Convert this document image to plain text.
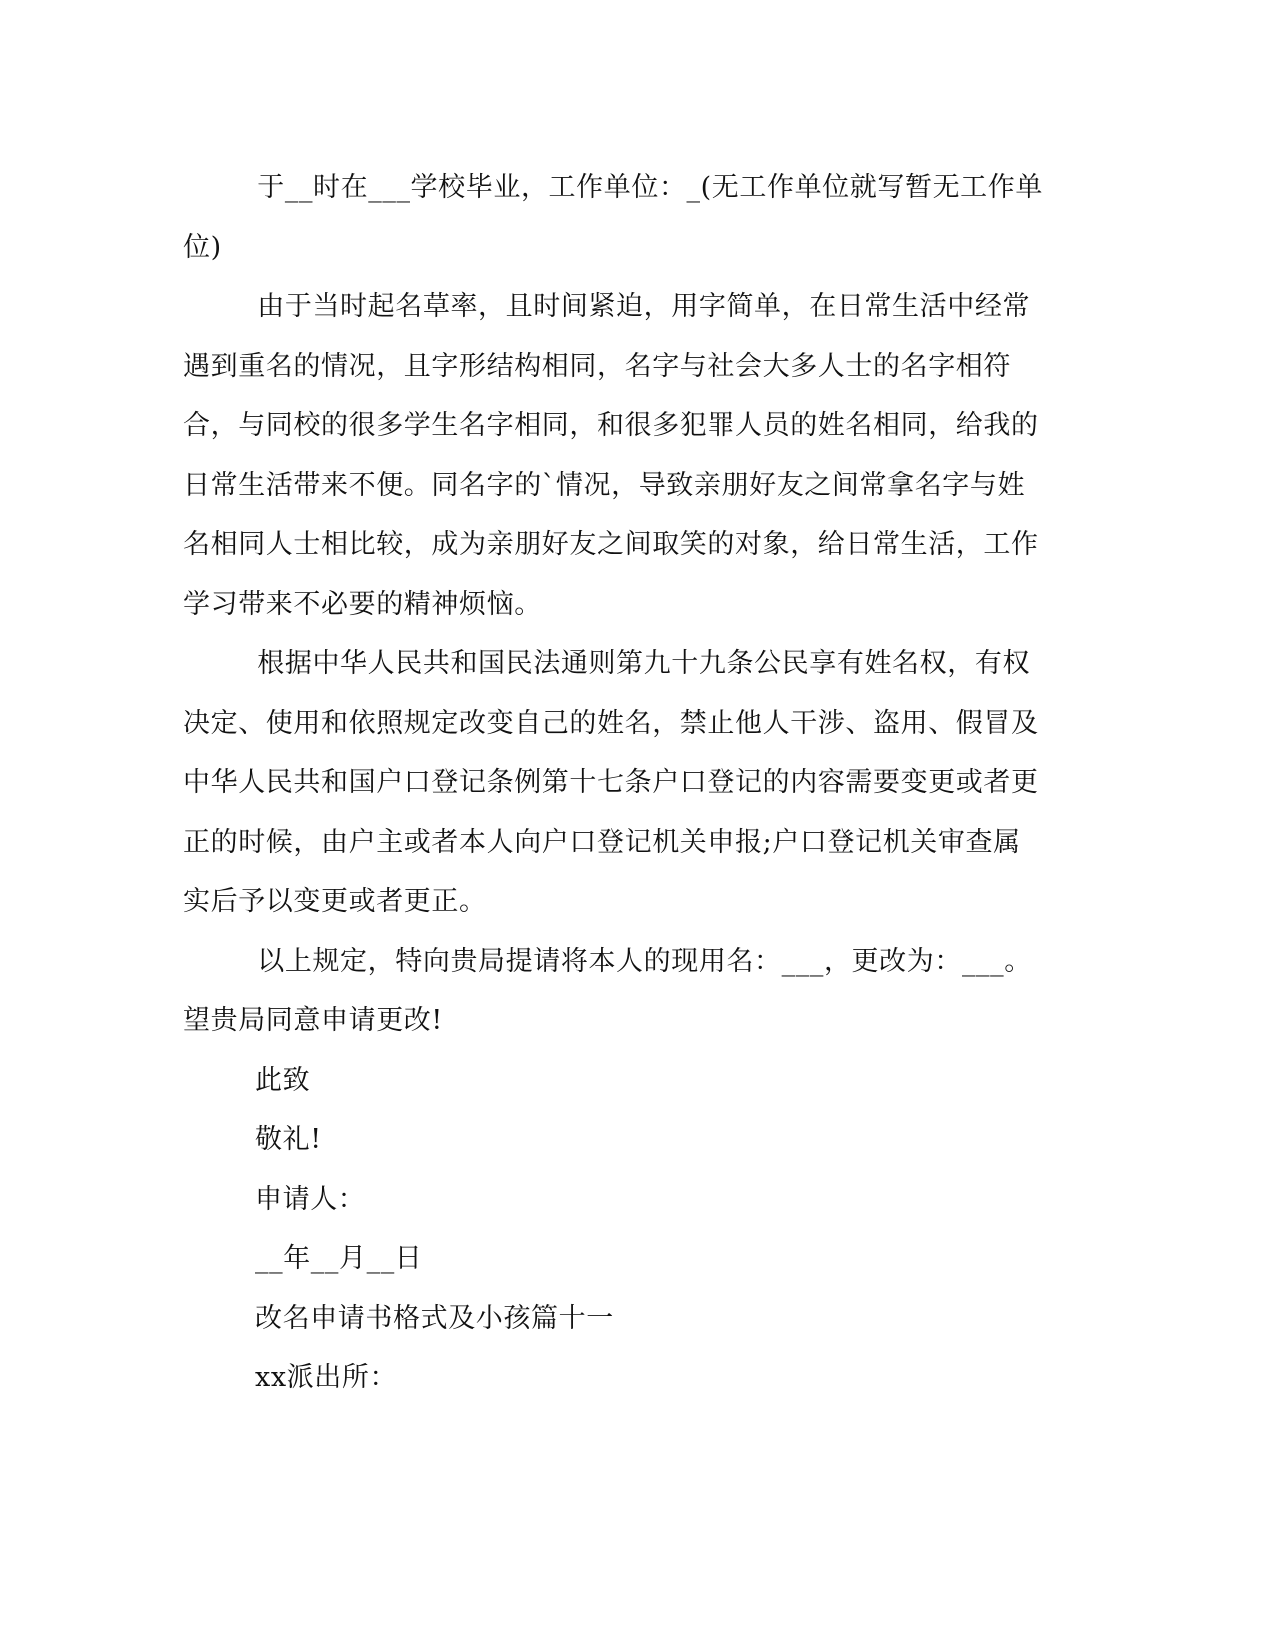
于__时在___学校毕业，工作单位：_(无工作单位就写暂无工作单位)

由于当时起名草率，且时间紧迫，用字简单，在日常生活中经常遇到重名的情况，且字形结构相同，名字与社会大多人士的名字相符合，与同校的很多学生名字相同，和很多犯罪人员的姓名相同，给我的日常生活带来不便。同名字的`情况，导致亲朋好友之间常拿名字与姓名相同人士相比较，成为亲朋好友之间取笑的对象，给日常生活，工作学习带来不必要的精神烦恼。

根据中华人民共和国民法通则第九十九条公民享有姓名权，有权决定、使用和依照规定改变自己的姓名，禁止他人干涉、盗用、假冒及中华人民共和国户口登记条例第十七条户口登记的内容需要变更或者更正的时候，由户主或者本人向户口登记机关申报;户口登记机关审查属实后予以变更或者更正。

以上规定，特向贵局提请将本人的现用名：___，更改为：___。望贵局同意申请更改!

此致
敬礼!
申请人：
__年__月__日
改名申请书格式及小孩篇十一
xx派出所：
